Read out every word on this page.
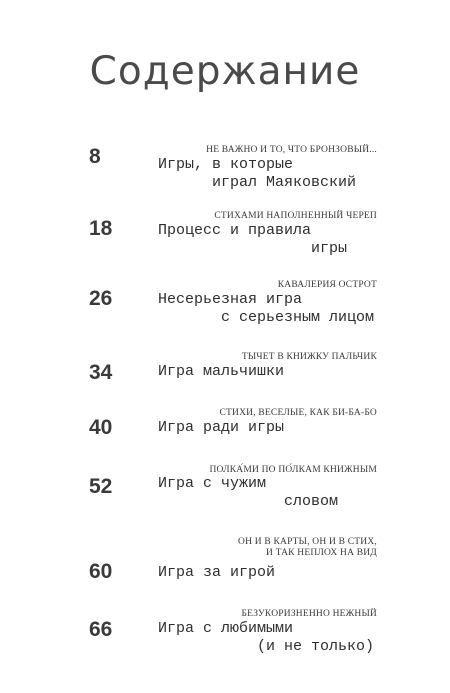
Содержание
8	НЕ ВАЖНО И ТО, ЧТО БРОНЗОВЫЙ...
Игры, в которые
играл Маяковский
18
СТИХАМИ НАПОЛНЕННЫЙ ЧЕРЕП
Процесс и правила
игры
26
КАВАЛЕРИЯ ОСТРОТ
Несерьезная игра
с серьезным лицом
34
ТЫЧЕТ В КНИЖКУ ПАЛЬЧИК
Игра мальчишки
40
СТИХИ, ВЕСЕЛЫЕ, КАК БИ-БА-БО
Игра ради игры
52
ПОЛКА́МИ ПО ПО́ЛКАМ КНИЖНЫМ
Игра с чужим
словом
60
ОН И В КАРТЫ, ОН И В СТИХ,
И ТАК НЕПЛОХ НА ВИД
Игра за игрой
66
БЕЗУКОРИЗНЕННО НЕЖНЫЙ
Игра с любимыми
(и не только)
